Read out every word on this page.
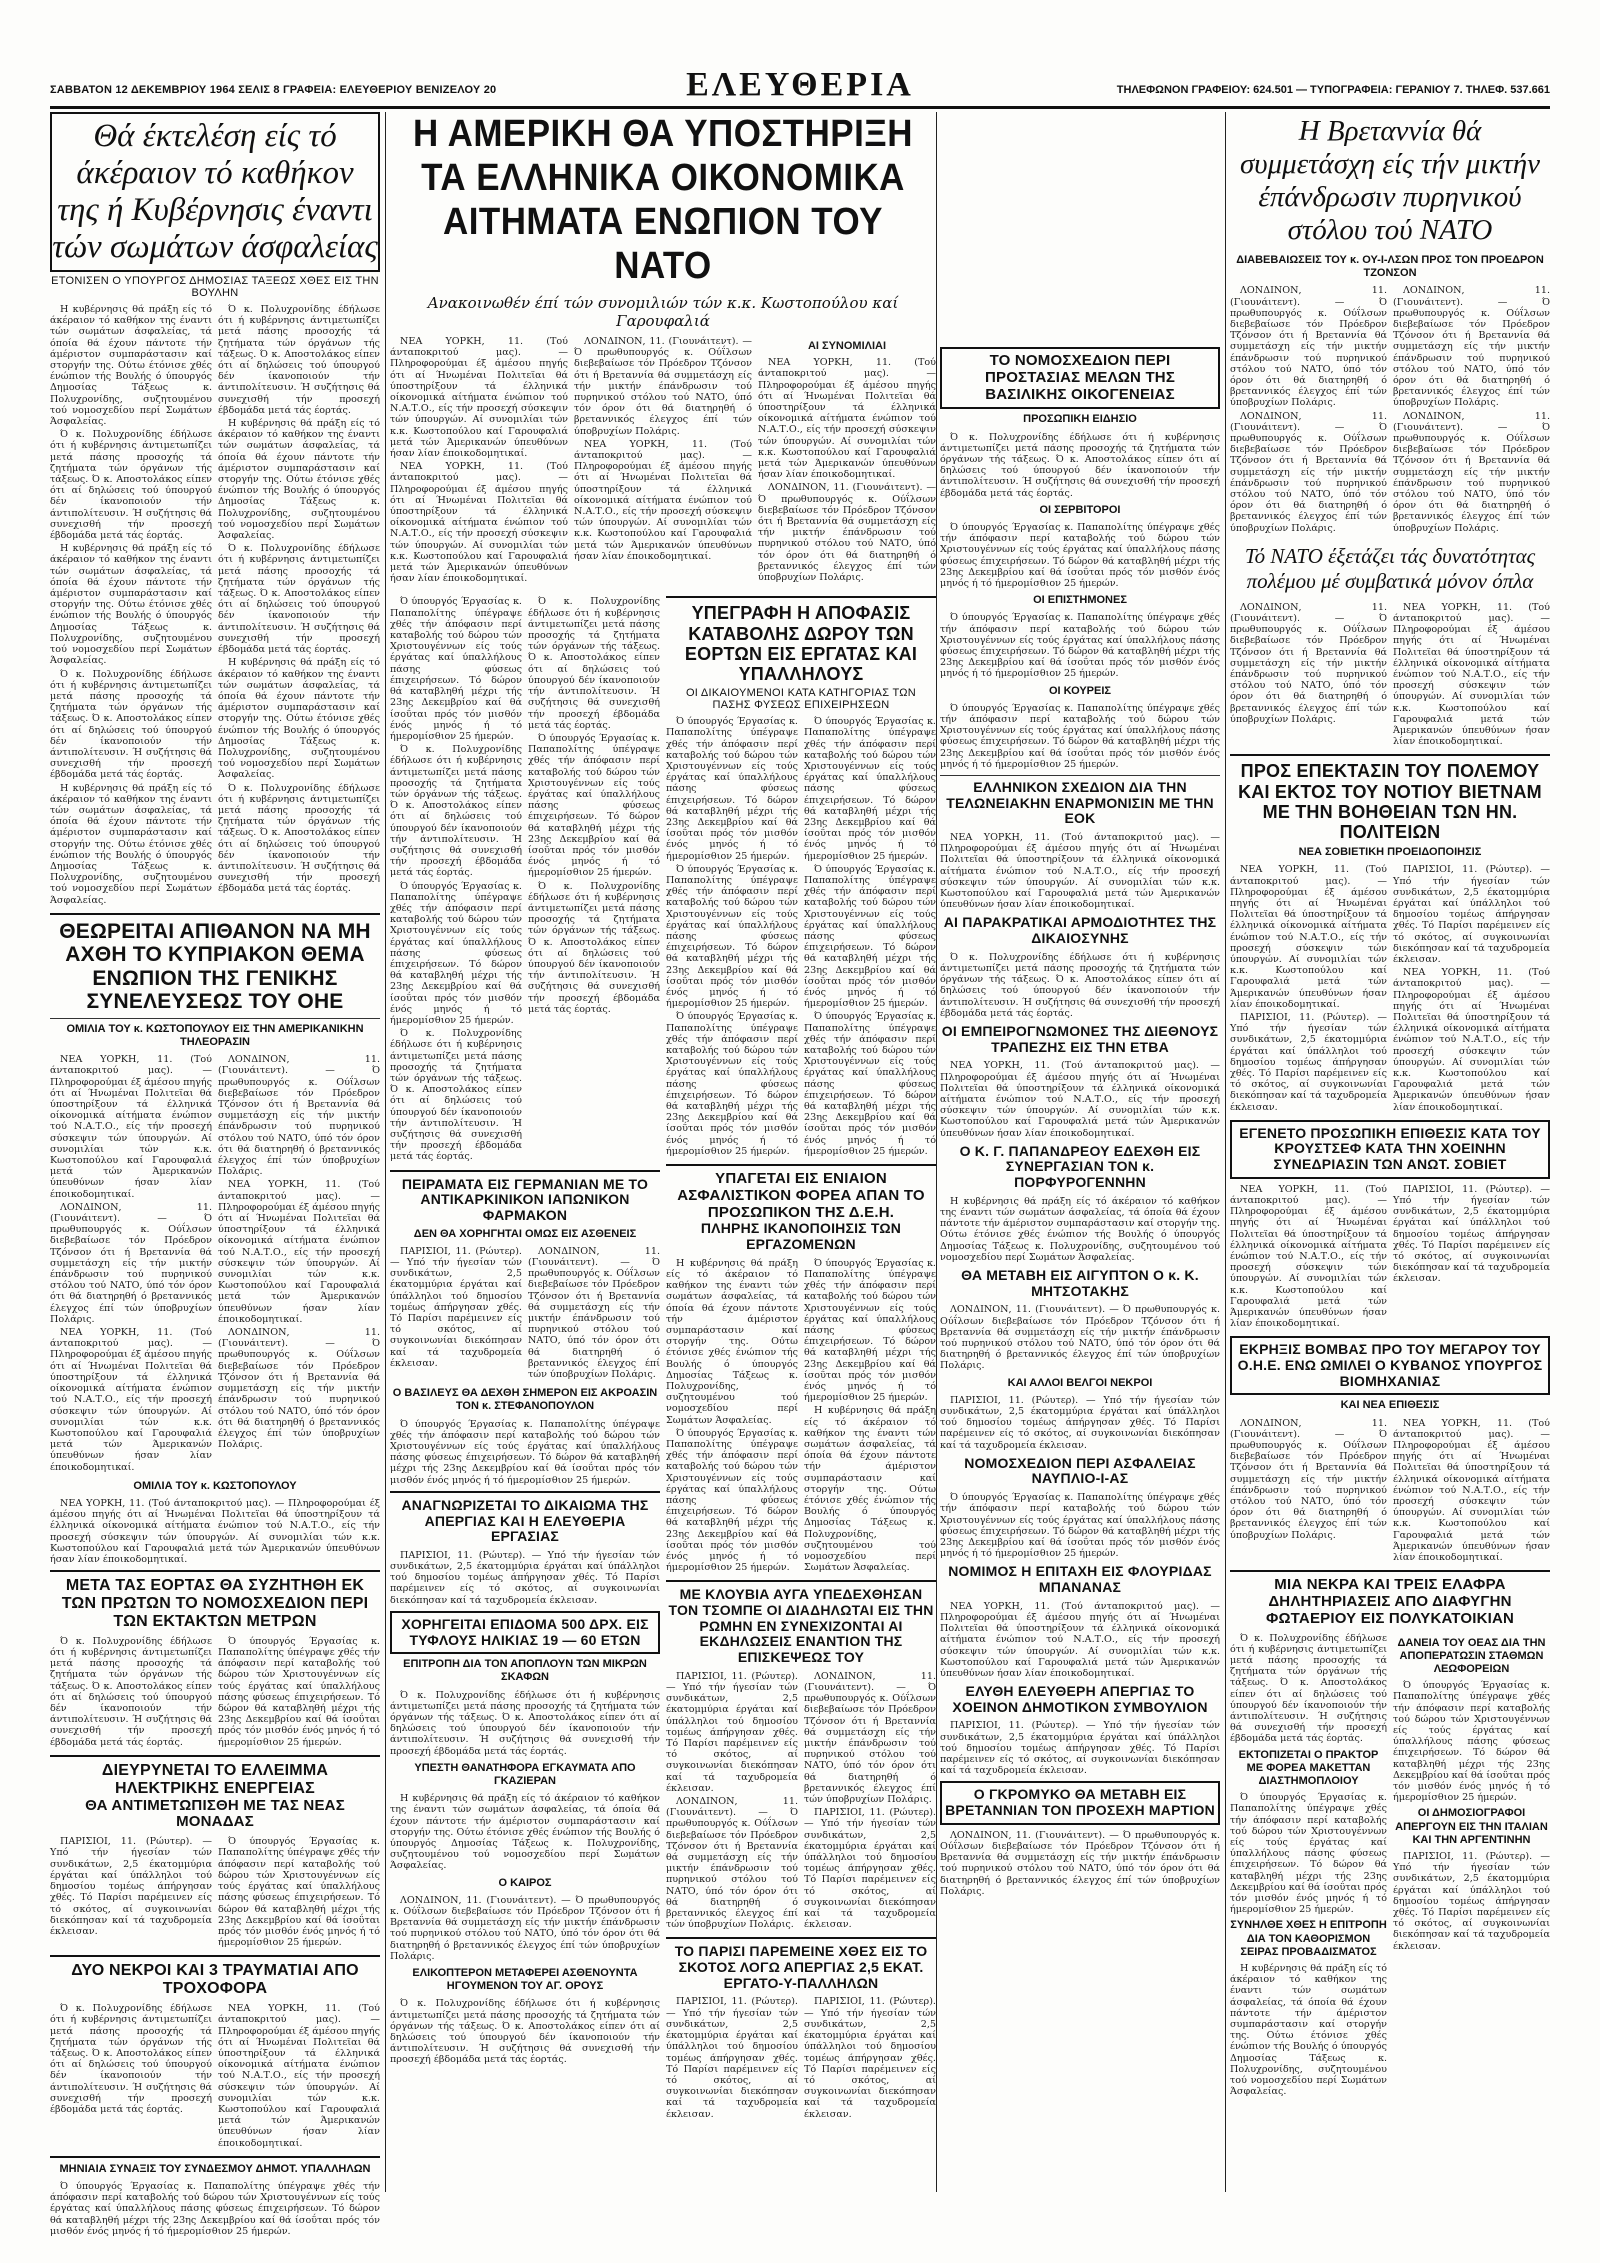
ΣΑΒΒΑΤΟΝ 12 ΔΕΚΕΜΒΡΙΟΥ 1964 ΣΕΛΙΣ 8 ΓΡΑΦΕΙΑ: ΕΛΕΥΘΕΡΙΟΥ ΒΕΝΙΖΕΛΟΥ 20	ΕΛΕΥΘΕΡΙΑ	ΤΗΛΕΦΩΝΟΝ ΓΡΑΦΕΙΟΥ: 624.501 — ΤΥΠΟΓΡΑΦΕΙΑ: ΓΕΡΑΝΙΟΥ 7. ΤΗΛΕΦ. 537.661
Θά έκτελέση είς τό άκέραιον τό καθήκον της ή Κυβέρνησις έναντι τών σωμάτων άσφαλείας
ΕΤΟΝΙΣΕΝ Ο ΥΠΟΥΡΓΟΣ ΔΗΜΟΣΙΑΣ ΤΑΞΕΩΣ ΧΘΕΣ ΕΙΣ ΤΗΝ ΒΟΥΛΗΝ

Η κυβέρνησις θά πράξη είς τό άκέραιον τό καθήκον της έναντι τών σωμάτων άσφαλείας, τά όποία θά έχουν πάντοτε τήν άμέριστον συμπαράστασιν καί στοργήν της. Ούτω έτόνισε χθές ένώπιον τής Βουλής ό ύπουργός Δημοσίας Τάξεως κ. Πολυχρονίδης, συζητουμένου τού νομοσχεδίου περί Σωμάτων Άσφαλείας.

Ό κ. Πολυχρονίδης έδήλωσε ότι ή κυβέρνησις άντιμετωπίζει μετά πάσης προσοχής τά ζητήματα τών όργάνων τής τάξεως. Ό κ. Αποστολάκος είπεν ότι αί δηλώσεις τού ύπουργού δέν ίκανοποιούν τήν άντιπολίτευσιν. Ή συζήτησις θά συνεχισθή τήν προσεχή έβδομάδα μετά τάς έορτάς.

Η κυβέρνησις θά πράξη είς τό άκέραιον τό καθήκον της έναντι τών σωμάτων άσφαλείας, τά όποία θά έχουν πάντοτε τήν άμέριστον συμπαράστασιν καί στοργήν της. Ούτω έτόνισε χθές ένώπιον τής Βουλής ό ύπουργός Δημοσίας Τάξεως κ. Πολυχρονίδης, συζητουμένου τού νομοσχεδίου περί Σωμάτων Άσφαλείας.

Ό κ. Πολυχρονίδης έδήλωσε ότι ή κυβέρνησις άντιμετωπίζει μετά πάσης προσοχής τά ζητήματα τών όργάνων τής τάξεως. Ό κ. Αποστολάκος είπεν ότι αί δηλώσεις τού ύπουργού δέν ίκανοποιούν τήν άντιπολίτευσιν. Ή συζήτησις θά συνεχισθή τήν προσεχή έβδομάδα μετά τάς έορτάς.

Η κυβέρνησις θά πράξη είς τό άκέραιον τό καθήκον της έναντι τών σωμάτων άσφαλείας, τά όποία θά έχουν πάντοτε τήν άμέριστον συμπαράστασιν καί στοργήν της. Ούτω έτόνισε χθές ένώπιον τής Βουλής ό ύπουργός Δημοσίας Τάξεως κ. Πολυχρονίδης, συζητουμένου τού νομοσχεδίου περί Σωμάτων Άσφαλείας.

Ό κ. Πολυχρονίδης έδήλωσε ότι ή κυβέρνησις άντιμετωπίζει μετά πάσης προσοχής τά ζητήματα τών όργάνων τής τάξεως. Ό κ. Αποστολάκος είπεν ότι αί δηλώσεις τού ύπουργού δέν ίκανοποιούν τήν άντιπολίτευσιν. Ή συζήτησις θά συνεχισθή τήν προσεχή έβδομάδα μετά τάς έορτάς.

Η κυβέρνησις θά πράξη είς τό άκέραιον τό καθήκον της έναντι τών σωμάτων άσφαλείας, τά όποία θά έχουν πάντοτε τήν άμέριστον συμπαράστασιν καί στοργήν της. Ούτω έτόνισε χθές ένώπιον τής Βουλής ό ύπουργός Δημοσίας Τάξεως κ. Πολυχρονίδης, συζητουμένου τού νομοσχεδίου περί Σωμάτων Άσφαλείας.

Ό κ. Πολυχρονίδης έδήλωσε ότι ή κυβέρνησις άντιμετωπίζει μετά πάσης προσοχής τά ζητήματα τών όργάνων τής τάξεως. Ό κ. Αποστολάκος είπεν ότι αί δηλώσεις τού ύπουργού δέν ίκανοποιούν τήν άντιπολίτευσιν. Ή συζήτησις θά συνεχισθή τήν προσεχή έβδομάδα μετά τάς έορτάς.

Η κυβέρνησις θά πράξη είς τό άκέραιον τό καθήκον της έναντι τών σωμάτων άσφαλείας, τά όποία θά έχουν πάντοτε τήν άμέριστον συμπαράστασιν καί στοργήν της. Ούτω έτόνισε χθές ένώπιον τής Βουλής ό ύπουργός Δημοσίας Τάξεως κ. Πολυχρονίδης, συζητουμένου τού νομοσχεδίου περί Σωμάτων Άσφαλείας.

Ό κ. Πολυχρονίδης έδήλωσε ότι ή κυβέρνησις άντιμετωπίζει μετά πάσης προσοχής τά ζητήματα τών όργάνων τής τάξεως. Ό κ. Αποστολάκος είπεν ότι αί δηλώσεις τού ύπουργού δέν ίκανοποιούν τήν άντιπολίτευσιν. Ή συζήτησις θά συνεχισθή τήν προσεχή έβδομάδα μετά τάς έορτάς.

ΘΕΩΡΕΙΤΑΙ ΑΠΙΘΑΝΟΝ ΝΑ ΜΗ ΑΧΘΗ ΤΟ ΚΥΠΡΙΑΚΟΝ ΘΕΜΑ ΕΝΩΠΙΟΝ ΤΗΣ ΓΕΝΙΚΗΣ ΣΥΝΕΛΕΥΣΕΩΣ ΤΟΥ ΟΗΕ
ΟΜΙΛΙΑ ΤΟΥ κ. ΚΩΣΤΟΠΟΥΛΟΥ ΕΙΣ ΤΗΝ ΑΜΕΡΙΚΑΝΙΚΗΝ ΤΗΛΕΟΡΑΣΙΝ

ΝΕΑ ΥΟΡΚΗ, 11. (Τού άνταποκριτού μας). — Πληροφορούμαι έξ άμέσου πηγής ότι αί Ήνωμέναι Πολιτεϊαι θά ύποστηρίξουν τά έλληνικά οίκονομικά αίτήματα ένώπιον τού Ν.Α.Τ.Ο., είς τήν προσεχή σύσκεψιν τών ύπουργών. Αί συνομιλίαι τών κ.κ. Κωστοπούλου καί Γαρουφαλιά μετά τών Άμερικανών ύπευθύνων ήσαν λίαν έποικοδομητικαί.

ΛΟΝΔΙΝΟΝ, 11. (Γιουνάιτεντ). — Ό πρωθυπουργός κ. Ούΐλσων διεβεβαίωσε τόν Πρόεδρον Τζόνσον ότι ή Βρεταννία θά συμμετάσχη είς τήν μικτήν έπάνδρωσιν τού πυρηνικού στόλου τού ΝΑΤΟ, ύπό τόν όρον ότι θά διατηρηθή ό βρεταννικός έλεγχος έπί τών ύποβρυχίων Πολάρις.

ΝΕΑ ΥΟΡΚΗ, 11. (Τού άνταποκριτού μας). — Πληροφορούμαι έξ άμέσου πηγής ότι αί Ήνωμέναι Πολιτεϊαι θά ύποστηρίξουν τά έλληνικά οίκονομικά αίτήματα ένώπιον τού Ν.Α.Τ.Ο., είς τήν προσεχή σύσκεψιν τών ύπουργών. Αί συνομιλίαι τών κ.κ. Κωστοπούλου καί Γαρουφαλιά μετά τών Άμερικανών ύπευθύνων ήσαν λίαν έποικοδομητικαί.

ΛΟΝΔΙΝΟΝ, 11. (Γιουνάιτεντ). — Ό πρωθυπουργός κ. Ούΐλσων διεβεβαίωσε τόν Πρόεδρον Τζόνσον ότι ή Βρεταννία θά συμμετάσχη είς τήν μικτήν έπάνδρωσιν τού πυρηνικού στόλου τού ΝΑΤΟ, ύπό τόν όρον ότι θά διατηρηθή ό βρεταννικός έλεγχος έπί τών ύποβρυχίων Πολάρις.

ΝΕΑ ΥΟΡΚΗ, 11. (Τού άνταποκριτού μας). — Πληροφορούμαι έξ άμέσου πηγής ότι αί Ήνωμέναι Πολιτεϊαι θά ύποστηρίξουν τά έλληνικά οίκονομικά αίτήματα ένώπιον τού Ν.Α.Τ.Ο., είς τήν προσεχή σύσκεψιν τών ύπουργών. Αί συνομιλίαι τών κ.κ. Κωστοπούλου καί Γαρουφαλιά μετά τών Άμερικανών ύπευθύνων ήσαν λίαν έποικοδομητικαί.

ΛΟΝΔΙΝΟΝ, 11. (Γιουνάιτεντ). — Ό πρωθυπουργός κ. Ούΐλσων διεβεβαίωσε τόν Πρόεδρον Τζόνσον ότι ή Βρεταννία θά συμμετάσχη είς τήν μικτήν έπάνδρωσιν τού πυρηνικού στόλου τού ΝΑΤΟ, ύπό τόν όρον ότι θά διατηρηθή ό βρεταννικός έλεγχος έπί τών ύποβρυχίων Πολάρις.

ΟΜΙΛΙΑ ΤΟΥ κ. ΚΩΣΤΟΠΟΥΛΟΥ

ΝΕΑ ΥΟΡΚΗ, 11. (Τού άνταποκριτού μας). — Πληροφορούμαι έξ άμέσου πηγής ότι αί Ήνωμέναι Πολιτεϊαι θά ύποστηρίξουν τά έλληνικά οίκονομικά αίτήματα ένώπιον τού Ν.Α.Τ.Ο., είς τήν προσεχή σύσκεψιν τών ύπουργών. Αί συνομιλίαι τών κ.κ. Κωστοπούλου καί Γαρουφαλιά μετά τών Άμερικανών ύπευθύνων ήσαν λίαν έποικοδομητικαί.

ΜΕΤΑ ΤΑΣ ΕΟΡΤΑΣ ΘΑ ΣΥΖΗΤΗΘΗ ΕΚ ΤΩΝ ΠΡΩΤΩΝ ΤΟ ΝΟΜΟΣΧΕΔΙΟΝ ΠΕΡΙ ΤΩΝ ΕΚΤΑΚΤΩΝ ΜΕΤΡΩΝ

Ό κ. Πολυχρονίδης έδήλωσε ότι ή κυβέρνησις άντιμετωπίζει μετά πάσης προσοχής τά ζητήματα τών όργάνων τής τάξεως. Ό κ. Αποστολάκος είπεν ότι αί δηλώσεις τού ύπουργού δέν ίκανοποιούν τήν άντιπολίτευσιν. Ή συζήτησις θά συνεχισθή τήν προσεχή έβδομάδα μετά τάς έορτάς.

Ό ύπουργός Έργασίας κ. Παπαπολίτης ύπέγραψε χθές τήν άπόφασιν περί καταβολής τού δώρου τών Χριστουγέννων είς τούς έργάτας καί ύπαλλήλους πάσης φύσεως έπιχειρήσεων. Τό δώρον θά καταβληθή μέχρι τής 23ης Δεκεμβρίου καί θά ίσοΰται πρός τόν μισθόν ένός μηνός ή τό ήμερομίσθιον 25 ήμερών.

ΔΙΕΥΡΥΝΕΤΑΙ ΤΟ ΕΛΛΕΙΜΜΑ ΗΛΕΚΤΡΙΚΗΣ ΕΝΕΡΓΕΙΑΣ
ΘΑ ΑΝΤΙΜΕΤΩΠΙΣΘΗ ΜΕ ΤΑΣ ΝΕΑΣ ΜΟΝΑΔΑΣ

ΠΑΡΙΣΙΟΙ, 11. (Ρώυτερ). — Υπό τήν ήγεσίαν τών συνδικάτων, 2,5 έκατομμύρια έργάται καί ύπάλληλοι τού δημοσίου τομέως άπήργησαν χθές. Τό Παρίσι παρέμεινεν είς τό σκότος, αί συγκοινωνίαι διεκόπησαν καί τά ταχυδρομεία έκλεισαν.

Ό ύπουργός Έργασίας κ. Παπαπολίτης ύπέγραψε χθές τήν άπόφασιν περί καταβολής τού δώρου τών Χριστουγέννων είς τούς έργάτας καί ύπαλλήλους πάσης φύσεως έπιχειρήσεων. Τό δώρον θά καταβληθή μέχρι τής 23ης Δεκεμβρίου καί θά ίσοΰται πρός τόν μισθόν ένός μηνός ή τό ήμερομίσθιον 25 ήμερών.

ΔΥΟ ΝΕΚΡΟΙ ΚΑΙ 3 ΤΡΑΥΜΑΤΙΑΙ ΑΠΟ ΤΡΟΧΟΦΟΡΑ

Ό κ. Πολυχρονίδης έδήλωσε ότι ή κυβέρνησις άντιμετωπίζει μετά πάσης προσοχής τά ζητήματα τών όργάνων τής τάξεως. Ό κ. Αποστολάκος είπεν ότι αί δηλώσεις τού ύπουργού δέν ίκανοποιούν τήν άντιπολίτευσιν. Ή συζήτησις θά συνεχισθή τήν προσεχή έβδομάδα μετά τάς έορτάς.

ΝΕΑ ΥΟΡΚΗ, 11. (Τού άνταποκριτού μας). — Πληροφορούμαι έξ άμέσου πηγής ότι αί Ήνωμέναι Πολιτεϊαι θά ύποστηρίξουν τά έλληνικά οίκονομικά αίτήματα ένώπιον τού Ν.Α.Τ.Ο., είς τήν προσεχή σύσκεψιν τών ύπουργών. Αί συνομιλίαι τών κ.κ. Κωστοπούλου καί Γαρουφαλιά μετά τών Άμερικανών ύπευθύνων ήσαν λίαν έποικοδομητικαί.

ΜΗΝΙΑΙΑ ΣΥΝΑΞΙΣ ΤΟΥ ΣΥΝΔΕΣΜΟΥ ΔΗΜΟΤ. ΥΠΑΛΛΗΛΩΝ

Ό ύπουργός Έργασίας κ. Παπαπολίτης ύπέγραψε χθές τήν άπόφασιν περί καταβολής τού δώρου τών Χριστουγέννων είς τούς έργάτας καί ύπαλλήλους πάσης φύσεως έπιχειρήσεων. Τό δώρον θά καταβληθή μέχρι τής 23ης Δεκεμβρίου καί θά ίσοΰται πρός τόν μισθόν ένός μηνός ή τό ήμερομίσθιον 25 ήμερών.

Η ΑΜΕΡΙΚΗ ΘΑ ΥΠΟΣΤΗΡΙΞΗ ΤΑ ΕΛΛΗΝΙΚΑ ΟΙΚΟΝΟΜΙΚΑ ΑΙΤΗΜΑΤΑ ΕΝΩΠΙΟΝ ΤΟΥ ΝΑΤΟ
Ανακοινωθέν έπί τών συνομιλιών τών κ.κ. Κωστοπούλου καί Γαρουφαλιά

ΝΕΑ ΥΟΡΚΗ, 11. (Τού άνταποκριτού μας). — Πληροφορούμαι έξ άμέσου πηγής ότι αί Ήνωμέναι Πολιτεϊαι θά ύποστηρίξουν τά έλληνικά οίκονομικά αίτήματα ένώπιον τού Ν.Α.Τ.Ο., είς τήν προσεχή σύσκεψιν τών ύπουργών. Αί συνομιλίαι τών κ.κ. Κωστοπούλου καί Γαρουφαλιά μετά τών Άμερικανών ύπευθύνων ήσαν λίαν έποικοδομητικαί.

ΝΕΑ ΥΟΡΚΗ, 11. (Τού άνταποκριτού μας). — Πληροφορούμαι έξ άμέσου πηγής ότι αί Ήνωμέναι Πολιτεϊαι θά ύποστηρίξουν τά έλληνικά οίκονομικά αίτήματα ένώπιον τού Ν.Α.Τ.Ο., είς τήν προσεχή σύσκεψιν τών ύπουργών. Αί συνομιλίαι τών κ.κ. Κωστοπούλου καί Γαρουφαλιά μετά τών Άμερικανών ύπευθύνων ήσαν λίαν έποικοδομητικαί.

ΛΟΝΔΙΝΟΝ, 11. (Γιουνάιτεντ). — Ό πρωθυπουργός κ. Ούΐλσων διεβεβαίωσε τόν Πρόεδρον Τζόνσον ότι ή Βρεταννία θά συμμετάσχη είς τήν μικτήν έπάνδρωσιν τού πυρηνικού στόλου τού ΝΑΤΟ, ύπό τόν όρον ότι θά διατηρηθή ό βρεταννικός έλεγχος έπί τών ύποβρυχίων Πολάρις.

ΝΕΑ ΥΟΡΚΗ, 11. (Τού άνταποκριτού μας). — Πληροφορούμαι έξ άμέσου πηγής ότι αί Ήνωμέναι Πολιτεϊαι θά ύποστηρίξουν τά έλληνικά οίκονομικά αίτήματα ένώπιον τού Ν.Α.Τ.Ο., είς τήν προσεχή σύσκεψιν τών ύπουργών. Αί συνομιλίαι τών κ.κ. Κωστοπούλου καί Γαρουφαλιά μετά τών Άμερικανών ύπευθύνων ήσαν λίαν έποικοδομητικαί.

ΑΙ ΣΥΝΟΜΙΛΙΑΙ

ΝΕΑ ΥΟΡΚΗ, 11. (Τού άνταποκριτού μας). — Πληροφορούμαι έξ άμέσου πηγής ότι αί Ήνωμέναι Πολιτεϊαι θά ύποστηρίξουν τά έλληνικά οίκονομικά αίτήματα ένώπιον τού Ν.Α.Τ.Ο., είς τήν προσεχή σύσκεψιν τών ύπουργών. Αί συνομιλίαι τών κ.κ. Κωστοπούλου καί Γαρουφαλιά μετά τών Άμερικανών ύπευθύνων ήσαν λίαν έποικοδομητικαί.

ΛΟΝΔΙΝΟΝ, 11. (Γιουνάιτεντ). — Ό πρωθυπουργός κ. Ούΐλσων διεβεβαίωσε τόν Πρόεδρον Τζόνσον ότι ή Βρεταννία θά συμμετάσχη είς τήν μικτήν έπάνδρωσιν τού πυρηνικού στόλου τού ΝΑΤΟ, ύπό τόν όρον ότι θά διατηρηθή ό βρεταννικός έλεγχος έπί τών ύποβρυχίων Πολάρις.

Ό ύπουργός Έργασίας κ. Παπαπολίτης ύπέγραψε χθές τήν άπόφασιν περί καταβολής τού δώρου τών Χριστουγέννων είς τούς έργάτας καί ύπαλλήλους πάσης φύσεως έπιχειρήσεων. Τό δώρον θά καταβληθή μέχρι τής 23ης Δεκεμβρίου καί θά ίσοΰται πρός τόν μισθόν ένός μηνός ή τό ήμερομίσθιον 25 ήμερών.

Ό κ. Πολυχρονίδης έδήλωσε ότι ή κυβέρνησις άντιμετωπίζει μετά πάσης προσοχής τά ζητήματα τών όργάνων τής τάξεως. Ό κ. Αποστολάκος είπεν ότι αί δηλώσεις τού ύπουργού δέν ίκανοποιούν τήν άντιπολίτευσιν. Ή συζήτησις θά συνεχισθή τήν προσεχή έβδομάδα μετά τάς έορτάς.

Ό ύπουργός Έργασίας κ. Παπαπολίτης ύπέγραψε χθές τήν άπόφασιν περί καταβολής τού δώρου τών Χριστουγέννων είς τούς έργάτας καί ύπαλλήλους πάσης φύσεως έπιχειρήσεων. Τό δώρον θά καταβληθή μέχρι τής 23ης Δεκεμβρίου καί θά ίσοΰται πρός τόν μισθόν ένός μηνός ή τό ήμερομίσθιον 25 ήμερών.

Ό κ. Πολυχρονίδης έδήλωσε ότι ή κυβέρνησις άντιμετωπίζει μετά πάσης προσοχής τά ζητήματα τών όργάνων τής τάξεως. Ό κ. Αποστολάκος είπεν ότι αί δηλώσεις τού ύπουργού δέν ίκανοποιούν τήν άντιπολίτευσιν. Ή συζήτησις θά συνεχισθή τήν προσεχή έβδομάδα μετά τάς έορτάς.

Ό κ. Πολυχρονίδης έδήλωσε ότι ή κυβέρνησις άντιμετωπίζει μετά πάσης προσοχής τά ζητήματα τών όργάνων τής τάξεως. Ό κ. Αποστολάκος είπεν ότι αί δηλώσεις τού ύπουργού δέν ίκανοποιούν τήν άντιπολίτευσιν. Ή συζήτησις θά συνεχισθή τήν προσεχή έβδομάδα μετά τάς έορτάς.

Ό ύπουργός Έργασίας κ. Παπαπολίτης ύπέγραψε χθές τήν άπόφασιν περί καταβολής τού δώρου τών Χριστουγέννων είς τούς έργάτας καί ύπαλλήλους πάσης φύσεως έπιχειρήσεων. Τό δώρον θά καταβληθή μέχρι τής 23ης Δεκεμβρίου καί θά ίσοΰται πρός τόν μισθόν ένός μηνός ή τό ήμερομίσθιον 25 ήμερών.

Ό κ. Πολυχρονίδης έδήλωσε ότι ή κυβέρνησις άντιμετωπίζει μετά πάσης προσοχής τά ζητήματα τών όργάνων τής τάξεως. Ό κ. Αποστολάκος είπεν ότι αί δηλώσεις τού ύπουργού δέν ίκανοποιούν τήν άντιπολίτευσιν. Ή συζήτησις θά συνεχισθή τήν προσεχή έβδομάδα μετά τάς έορτάς.

ΠΕΙΡΑΜΑΤΑ ΕΙΣ ΓΕΡΜΑΝΙΑΝ ΜΕ ΤΟ ΑΝΤΙΚΑΡΚΙΝΙΚΟΝ ΙΑΠΩΝΙΚΟΝ ΦΑΡΜΑΚΟΝ
ΔΕΝ ΘΑ ΧΟΡΗΓΗΤΑΙ ΟΜΩΣ ΕΙΣ ΑΣΘΕΝΕΙΣ

ΠΑΡΙΣΙΟΙ, 11. (Ρώυτερ). — Υπό τήν ήγεσίαν τών συνδικάτων, 2,5 έκατομμύρια έργάται καί ύπάλληλοι τού δημοσίου τομέως άπήργησαν χθές. Τό Παρίσι παρέμεινεν είς τό σκότος, αί συγκοινωνίαι διεκόπησαν καί τά ταχυδρομεία έκλεισαν.

ΛΟΝΔΙΝΟΝ, 11. (Γιουνάιτεντ). — Ό πρωθυπουργός κ. Ούΐλσων διεβεβαίωσε τόν Πρόεδρον Τζόνσον ότι ή Βρεταννία θά συμμετάσχη είς τήν μικτήν έπάνδρωσιν τού πυρηνικού στόλου τού ΝΑΤΟ, ύπό τόν όρον ότι θά διατηρηθή ό βρεταννικός έλεγχος έπί τών ύποβρυχίων Πολάρις.

Ο ΒΑΣΙΛΕΥΣ ΘΑ ΔΕΧΘΗ ΣΗΜΕΡΟΝ ΕΙΣ ΑΚΡΟΑΣΙΝ ΤΟΝ κ. ΣΤΕΦΑΝΟΠΟΥΛΟΝ

Ό ύπουργός Έργασίας κ. Παπαπολίτης ύπέγραψε χθές τήν άπόφασιν περί καταβολής τού δώρου τών Χριστουγέννων είς τούς έργάτας καί ύπαλλήλους πάσης φύσεως έπιχειρήσεων. Τό δώρον θά καταβληθή μέχρι τής 23ης Δεκεμβρίου καί θά ίσοΰται πρός τόν μισθόν ένός μηνός ή τό ήμερομίσθιον 25 ήμερών.

ΑΝΑΓΝΩΡΙΖΕΤΑΙ ΤΟ ΔΙΚΑΙΩΜΑ ΤΗΣ ΑΠΕΡΓΙΑΣ ΚΑΙ Η ΕΛΕΥΘΕΡΙΑ ΕΡΓΑΣΙΑΣ

ΠΑΡΙΣΙΟΙ, 11. (Ρώυτερ). — Υπό τήν ήγεσίαν τών συνδικάτων, 2,5 έκατομμύρια έργάται καί ύπάλληλοι τού δημοσίου τομέως άπήργησαν χθές. Τό Παρίσι παρέμεινεν είς τό σκότος, αί συγκοινωνίαι διεκόπησαν καί τά ταχυδρομεία έκλεισαν.

ΧΟΡΗΓΕΙΤΑΙ ΕΠΙΔΟΜΑ 500 ΔΡΧ. ΕΙΣ ΤΥΦΛΟΥΣ ΗΛΙΚΙΑΣ 19 — 60 ΕΤΩΝ
ΕΠΙΤΡΟΠΗ ΔΙΑ ΤΟΝ ΑΠΟΠΛΟΥΝ ΤΩΝ ΜΙΚΡΩΝ ΣΚΑΦΩΝ

Ό κ. Πολυχρονίδης έδήλωσε ότι ή κυβέρνησις άντιμετωπίζει μετά πάσης προσοχής τά ζητήματα τών όργάνων τής τάξεως. Ό κ. Αποστολάκος είπεν ότι αί δηλώσεις τού ύπουργού δέν ίκανοποιούν τήν άντιπολίτευσιν. Ή συζήτησις θά συνεχισθή τήν προσεχή έβδομάδα μετά τάς έορτάς.

ΥΠΕΣΤΗ ΘΑΝΑΤΗΦΟΡΑ ΕΓΚΑΥΜΑΤΑ ΑΠΟ ΓΚΑΖΙΕΡΑΝ

Η κυβέρνησις θά πράξη είς τό άκέραιον τό καθήκον της έναντι τών σωμάτων άσφαλείας, τά όποία θά έχουν πάντοτε τήν άμέριστον συμπαράστασιν καί στοργήν της. Ούτω έτόνισε χθές ένώπιον τής Βουλής ό ύπουργός Δημοσίας Τάξεως κ. Πολυχρονίδης, συζητουμένου τού νομοσχεδίου περί Σωμάτων Άσφαλείας.

Ο ΚΑΙΡΟΣ

ΛΟΝΔΙΝΟΝ, 11. (Γιουνάιτεντ). — Ό πρωθυπουργός κ. Ούΐλσων διεβεβαίωσε τόν Πρόεδρον Τζόνσον ότι ή Βρεταννία θά συμμετάσχη είς τήν μικτήν έπάνδρωσιν τού πυρηνικού στόλου τού ΝΑΤΟ, ύπό τόν όρον ότι θά διατηρηθή ό βρεταννικός έλεγχος έπί τών ύποβρυχίων Πολάρις.

ΕΛΙΚΟΠΤΕΡΟΝ ΜΕΤΑΦΕΡΕΙ ΑΣΘΕΝΟΥΝΤΑ ΗΓΟΥΜΕΝΟΝ ΤΟΥ ΑΓ. ΟΡΟΥΣ

Ό κ. Πολυχρονίδης έδήλωσε ότι ή κυβέρνησις άντιμετωπίζει μετά πάσης προσοχής τά ζητήματα τών όργάνων τής τάξεως. Ό κ. Αποστολάκος είπεν ότι αί δηλώσεις τού ύπουργού δέν ίκανοποιούν τήν άντιπολίτευσιν. Ή συζήτησις θά συνεχισθή τήν προσεχή έβδομάδα μετά τάς έορτάς.

ΥΠΕΓΡΑΦΗ Η ΑΠΟΦΑΣΙΣ ΚΑΤΑΒΟΛΗΣ ΔΩΡΟΥ ΤΩΝ ΕΟΡΤΩΝ ΕΙΣ ΕΡΓΑΤΑΣ ΚΑΙ ΥΠΑΛΛΗΛΟΥΣ
ΟΙ ΔΙΚΑΙΟΥΜΕΝΟΙ ΚΑΤΑ ΚΑΤΗΓΟΡΙΑΣ ΤΩΝ ΠΑΣΗΣ ΦΥΣΕΩΣ ΕΠΙΧΕΙΡΗΣΕΩΝ

Ό ύπουργός Έργασίας κ. Παπαπολίτης ύπέγραψε χθές τήν άπόφασιν περί καταβολής τού δώρου τών Χριστουγέννων είς τούς έργάτας καί ύπαλλήλους πάσης φύσεως έπιχειρήσεων. Τό δώρον θά καταβληθή μέχρι τής 23ης Δεκεμβρίου καί θά ίσοΰται πρός τόν μισθόν ένός μηνός ή τό ήμερομίσθιον 25 ήμερών.

Ό ύπουργός Έργασίας κ. Παπαπολίτης ύπέγραψε χθές τήν άπόφασιν περί καταβολής τού δώρου τών Χριστουγέννων είς τούς έργάτας καί ύπαλλήλους πάσης φύσεως έπιχειρήσεων. Τό δώρον θά καταβληθή μέχρι τής 23ης Δεκεμβρίου καί θά ίσοΰται πρός τόν μισθόν ένός μηνός ή τό ήμερομίσθιον 25 ήμερών.

Ό ύπουργός Έργασίας κ. Παπαπολίτης ύπέγραψε χθές τήν άπόφασιν περί καταβολής τού δώρου τών Χριστουγέννων είς τούς έργάτας καί ύπαλλήλους πάσης φύσεως έπιχειρήσεων. Τό δώρον θά καταβληθή μέχρι τής 23ης Δεκεμβρίου καί θά ίσοΰται πρός τόν μισθόν ένός μηνός ή τό ήμερομίσθιον 25 ήμερών.

Ό ύπουργός Έργασίας κ. Παπαπολίτης ύπέγραψε χθές τήν άπόφασιν περί καταβολής τού δώρου τών Χριστουγέννων είς τούς έργάτας καί ύπαλλήλους πάσης φύσεως έπιχειρήσεων. Τό δώρον θά καταβληθή μέχρι τής 23ης Δεκεμβρίου καί θά ίσοΰται πρός τόν μισθόν ένός μηνός ή τό ήμερομίσθιον 25 ήμερών.

Ό ύπουργός Έργασίας κ. Παπαπολίτης ύπέγραψε χθές τήν άπόφασιν περί καταβολής τού δώρου τών Χριστουγέννων είς τούς έργάτας καί ύπαλλήλους πάσης φύσεως έπιχειρήσεων. Τό δώρον θά καταβληθή μέχρι τής 23ης Δεκεμβρίου καί θά ίσοΰται πρός τόν μισθόν ένός μηνός ή τό ήμερομίσθιον 25 ήμερών.

Ό ύπουργός Έργασίας κ. Παπαπολίτης ύπέγραψε χθές τήν άπόφασιν περί καταβολής τού δώρου τών Χριστουγέννων είς τούς έργάτας καί ύπαλλήλους πάσης φύσεως έπιχειρήσεων. Τό δώρον θά καταβληθή μέχρι τής 23ης Δεκεμβρίου καί θά ίσοΰται πρός τόν μισθόν ένός μηνός ή τό ήμερομίσθιον 25 ήμερών.

ΥΠΑΓΕΤΑΙ ΕΙΣ ΕΝΙΑΙΟΝ ΑΣΦΑΛΙΣΤΙΚΟΝ ΦΟΡΕΑ ΑΠΑΝ ΤΟ ΠΡΟΣΩΠΙΚΟΝ ΤΗΣ Δ.Ε.Η.
ΠΛΗΡΗΣ ΙΚΑΝΟΠΟΙΗΣΙΣ ΤΩΝ ΕΡΓΑΖΟΜΕΝΩΝ

Η κυβέρνησις θά πράξη είς τό άκέραιον τό καθήκον της έναντι τών σωμάτων άσφαλείας, τά όποία θά έχουν πάντοτε τήν άμέριστον συμπαράστασιν καί στοργήν της. Ούτω έτόνισε χθές ένώπιον τής Βουλής ό ύπουργός Δημοσίας Τάξεως κ. Πολυχρονίδης, συζητουμένου τού νομοσχεδίου περί Σωμάτων Άσφαλείας.

Ό ύπουργός Έργασίας κ. Παπαπολίτης ύπέγραψε χθές τήν άπόφασιν περί καταβολής τού δώρου τών Χριστουγέννων είς τούς έργάτας καί ύπαλλήλους πάσης φύσεως έπιχειρήσεων. Τό δώρον θά καταβληθή μέχρι τής 23ης Δεκεμβρίου καί θά ίσοΰται πρός τόν μισθόν ένός μηνός ή τό ήμερομίσθιον 25 ήμερών.

Ό ύπουργός Έργασίας κ. Παπαπολίτης ύπέγραψε χθές τήν άπόφασιν περί καταβολής τού δώρου τών Χριστουγέννων είς τούς έργάτας καί ύπαλλήλους πάσης φύσεως έπιχειρήσεων. Τό δώρον θά καταβληθή μέχρι τής 23ης Δεκεμβρίου καί θά ίσοΰται πρός τόν μισθόν ένός μηνός ή τό ήμερομίσθιον 25 ήμερών.

Η κυβέρνησις θά πράξη είς τό άκέραιον τό καθήκον της έναντι τών σωμάτων άσφαλείας, τά όποία θά έχουν πάντοτε τήν άμέριστον συμπαράστασιν καί στοργήν της. Ούτω έτόνισε χθές ένώπιον τής Βουλής ό ύπουργός Δημοσίας Τάξεως κ. Πολυχρονίδης, συζητουμένου τού νομοσχεδίου περί Σωμάτων Άσφαλείας.

ΜΕ ΚΛΟΥΒΙΑ ΑΥΓΑ ΥΠΕΔΕΧΘΗΣΑΝ ΤΟΝ ΤΣΟΜΠΕ ΟΙ ΔΙΑΔΗΛΩΤΑΙ ΕΙΣ ΤΗΝ ΡΩΜΗΝ ΕΝ ΣΥΝΕΧΙΖΟΝΤΑΙ ΑΙ ΕΚΔΗΛΩΣΕΙΣ ΕΝΑΝΤΙΟΝ ΤΗΣ ΕΠΙΣΚΕΨΕΩΣ ΤΟΥ

ΠΑΡΙΣΙΟΙ, 11. (Ρώυτερ). — Υπό τήν ήγεσίαν τών συνδικάτων, 2,5 έκατομμύρια έργάται καί ύπάλληλοι τού δημοσίου τομέως άπήργησαν χθές. Τό Παρίσι παρέμεινεν είς τό σκότος, αί συγκοινωνίαι διεκόπησαν καί τά ταχυδρομεία έκλεισαν.

ΛΟΝΔΙΝΟΝ, 11. (Γιουνάιτεντ). — Ό πρωθυπουργός κ. Ούΐλσων διεβεβαίωσε τόν Πρόεδρον Τζόνσον ότι ή Βρεταννία θά συμμετάσχη είς τήν μικτήν έπάνδρωσιν τού πυρηνικού στόλου τού ΝΑΤΟ, ύπό τόν όρον ότι θά διατηρηθή ό βρεταννικός έλεγχος έπί τών ύποβρυχίων Πολάρις.

ΛΟΝΔΙΝΟΝ, 11. (Γιουνάιτεντ). — Ό πρωθυπουργός κ. Ούΐλσων διεβεβαίωσε τόν Πρόεδρον Τζόνσον ότι ή Βρεταννία θά συμμετάσχη είς τήν μικτήν έπάνδρωσιν τού πυρηνικού στόλου τού ΝΑΤΟ, ύπό τόν όρον ότι θά διατηρηθή ό βρεταννικός έλεγχος έπί τών ύποβρυχίων Πολάρις.

ΠΑΡΙΣΙΟΙ, 11. (Ρώυτερ). — Υπό τήν ήγεσίαν τών συνδικάτων, 2,5 έκατομμύρια έργάται καί ύπάλληλοι τού δημοσίου τομέως άπήργησαν χθές. Τό Παρίσι παρέμεινεν είς τό σκότος, αί συγκοινωνίαι διεκόπησαν καί τά ταχυδρομεία έκλεισαν.

ΤΟ ΠΑΡΙΣΙ ΠΑΡΕΜΕΙΝΕ ΧΘΕΣ ΕΙΣ ΤΟ ΣΚΟΤΟΣ ΛΟΓΩ ΑΠΕΡΓΙΑΣ 2,5 ΕΚΑΤ. ΕΡΓΑΤΟ-Υ-ΠΑΛΛΗΛΩΝ

ΠΑΡΙΣΙΟΙ, 11. (Ρώυτερ). — Υπό τήν ήγεσίαν τών συνδικάτων, 2,5 έκατομμύρια έργάται καί ύπάλληλοι τού δημοσίου τομέως άπήργησαν χθές. Τό Παρίσι παρέμεινεν είς τό σκότος, αί συγκοινωνίαι διεκόπησαν καί τά ταχυδρομεία έκλεισαν.

ΠΑΡΙΣΙΟΙ, 11. (Ρώυτερ). — Υπό τήν ήγεσίαν τών συνδικάτων, 2,5 έκατομμύρια έργάται καί ύπάλληλοι τού δημοσίου τομέως άπήργησαν χθές. Τό Παρίσι παρέμεινεν είς τό σκότος, αί συγκοινωνίαι διεκόπησαν καί τά ταχυδρομεία έκλεισαν.

ΤΟ ΝΟΜΟΣΧΕΔΙΟΝ ΠΕΡΙ ΠΡΟΣΤΑΣΙΑΣ ΜΕΛΩΝ ΤΗΣ ΒΑΣΙΛΙΚΗΣ ΟΙΚΟΓΕΝΕΙΑΣ
ΠΡΟΣΩΠΙΚΗ ΕΙΔΗΣΙΟ

Ό κ. Πολυχρονίδης έδήλωσε ότι ή κυβέρνησις άντιμετωπίζει μετά πάσης προσοχής τά ζητήματα τών όργάνων τής τάξεως. Ό κ. Αποστολάκος είπεν ότι αί δηλώσεις τού ύπουργού δέν ίκανοποιούν τήν άντιπολίτευσιν. Ή συζήτησις θά συνεχισθή τήν προσεχή έβδομάδα μετά τάς έορτάς.

ΟΙ ΣΕΡΒΙΤΟΡΟΙ

Ό ύπουργός Έργασίας κ. Παπαπολίτης ύπέγραψε χθές τήν άπόφασιν περί καταβολής τού δώρου τών Χριστουγέννων είς τούς έργάτας καί ύπαλλήλους πάσης φύσεως έπιχειρήσεων. Τό δώρον θά καταβληθή μέχρι τής 23ης Δεκεμβρίου καί θά ίσοΰται πρός τόν μισθόν ένός μηνός ή τό ήμερομίσθιον 25 ήμερών.

ΟΙ ΕΠΙΣΤΗΜΟΝΕΣ

Ό ύπουργός Έργασίας κ. Παπαπολίτης ύπέγραψε χθές τήν άπόφασιν περί καταβολής τού δώρου τών Χριστουγέννων είς τούς έργάτας καί ύπαλλήλους πάσης φύσεως έπιχειρήσεων. Τό δώρον θά καταβληθή μέχρι τής 23ης Δεκεμβρίου καί θά ίσοΰται πρός τόν μισθόν ένός μηνός ή τό ήμερομίσθιον 25 ήμερών.

ΟΙ ΚΟΥΡΕΙΣ

Ό ύπουργός Έργασίας κ. Παπαπολίτης ύπέγραψε χθές τήν άπόφασιν περί καταβολής τού δώρου τών Χριστουγέννων είς τούς έργάτας καί ύπαλλήλους πάσης φύσεως έπιχειρήσεων. Τό δώρον θά καταβληθή μέχρι τής 23ης Δεκεμβρίου καί θά ίσοΰται πρός τόν μισθόν ένός μηνός ή τό ήμερομίσθιον 25 ήμερών.

ΕΛΛΗΝΙΚΟΝ ΣΧΕΔΙΟΝ ΔΙΑ ΤΗΝ ΤΕΛΩΝΕΙΑΚΗΝ ΕΝΑΡΜΟΝΙΣΙΝ ΜΕ ΤΗΝ ΕΟΚ

ΝΕΑ ΥΟΡΚΗ, 11. (Τού άνταποκριτού μας). — Πληροφορούμαι έξ άμέσου πηγής ότι αί Ήνωμέναι Πολιτεϊαι θά ύποστηρίξουν τά έλληνικά οίκονομικά αίτήματα ένώπιον τού Ν.Α.Τ.Ο., είς τήν προσεχή σύσκεψιν τών ύπουργών. Αί συνομιλίαι τών κ.κ. Κωστοπούλου καί Γαρουφαλιά μετά τών Άμερικανών ύπευθύνων ήσαν λίαν έποικοδομητικαί.

ΑΙ ΠΑΡΑΚΡΑΤΙΚΑΙ ΑΡΜΟΔΙΟΤΗΤΕΣ ΤΗΣ ΔΙΚΑΙΟΣΥΝΗΣ

Ό κ. Πολυχρονίδης έδήλωσε ότι ή κυβέρνησις άντιμετωπίζει μετά πάσης προσοχής τά ζητήματα τών όργάνων τής τάξεως. Ό κ. Αποστολάκος είπεν ότι αί δηλώσεις τού ύπουργού δέν ίκανοποιούν τήν άντιπολίτευσιν. Ή συζήτησις θά συνεχισθή τήν προσεχή έβδομάδα μετά τάς έορτάς.

ΟΙ ΕΜΠΕΙΡΟΓΝΩΜΟΝΕΣ ΤΗΣ ΔΙΕΘΝΟΥΣ ΤΡΑΠΕΖΗΣ ΕΙΣ ΤΗΝ ΕΤΒΑ

ΝΕΑ ΥΟΡΚΗ, 11. (Τού άνταποκριτού μας). — Πληροφορούμαι έξ άμέσου πηγής ότι αί Ήνωμέναι Πολιτεϊαι θά ύποστηρίξουν τά έλληνικά οίκονομικά αίτήματα ένώπιον τού Ν.Α.Τ.Ο., είς τήν προσεχή σύσκεψιν τών ύπουργών. Αί συνομιλίαι τών κ.κ. Κωστοπούλου καί Γαρουφαλιά μετά τών Άμερικανών ύπευθύνων ήσαν λίαν έποικοδομητικαί.

Ο Κ. Γ. ΠΑΠΑΝΔΡΕΟΥ ΕΔΕΧΘΗ ΕΙΣ ΣΥΝΕΡΓΑΣΙΑΝ ΤΟΝ κ. ΠΟΡΦΥΡΟΓΕΝΝΗΝ

Η κυβέρνησις θά πράξη είς τό άκέραιον τό καθήκον της έναντι τών σωμάτων άσφαλείας, τά όποία θά έχουν πάντοτε τήν άμέριστον συμπαράστασιν καί στοργήν της. Ούτω έτόνισε χθές ένώπιον τής Βουλής ό ύπουργός Δημοσίας Τάξεως κ. Πολυχρονίδης, συζητουμένου τού νομοσχεδίου περί Σωμάτων Άσφαλείας.

ΘΑ ΜΕΤΑΒΗ ΕΙΣ ΑΙΓΥΠΤΟΝ Ο κ. Κ. ΜΗΤΣΟΤΑΚΗΣ

ΛΟΝΔΙΝΟΝ, 11. (Γιουνάιτεντ). — Ό πρωθυπουργός κ. Ούΐλσων διεβεβαίωσε τόν Πρόεδρον Τζόνσον ότι ή Βρεταννία θά συμμετάσχη είς τήν μικτήν έπάνδρωσιν τού πυρηνικού στόλου τού ΝΑΤΟ, ύπό τόν όρον ότι θά διατηρηθή ό βρεταννικός έλεγχος έπί τών ύποβρυχίων Πολάρις.

ΚΑΙ ΑΛΛΟΙ ΒΕΛΓΟΙ ΝΕΚΡΟΙ

ΠΑΡΙΣΙΟΙ, 11. (Ρώυτερ). — Υπό τήν ήγεσίαν τών συνδικάτων, 2,5 έκατομμύρια έργάται καί ύπάλληλοι τού δημοσίου τομέως άπήργησαν χθές. Τό Παρίσι παρέμεινεν είς τό σκότος, αί συγκοινωνίαι διεκόπησαν καί τά ταχυδρομεία έκλεισαν.

ΝΟΜΟΣΧΕΔΙΟΝ ΠΕΡΙ ΑΣΦΑΛΕΙΑΣ ΝΑΥΠΛΙΟ-Ι-ΑΣ

Ό ύπουργός Έργασίας κ. Παπαπολίτης ύπέγραψε χθές τήν άπόφασιν περί καταβολής τού δώρου τών Χριστουγέννων είς τούς έργάτας καί ύπαλλήλους πάσης φύσεως έπιχειρήσεων. Τό δώρον θά καταβληθή μέχρι τής 23ης Δεκεμβρίου καί θά ίσοΰται πρός τόν μισθόν ένός μηνός ή τό ήμερομίσθιον 25 ήμερών.

ΝΟΜΙΜΟΣ Η ΕΠΙΤΑΧΗ ΕΙΣ ΦΛΟΥΡΙΔΑΣ ΜΠΑΝΑΝΑΣ

ΝΕΑ ΥΟΡΚΗ, 11. (Τού άνταποκριτού μας). — Πληροφορούμαι έξ άμέσου πηγής ότι αί Ήνωμέναι Πολιτεϊαι θά ύποστηρίξουν τά έλληνικά οίκονομικά αίτήματα ένώπιον τού Ν.Α.Τ.Ο., είς τήν προσεχή σύσκεψιν τών ύπουργών. Αί συνομιλίαι τών κ.κ. Κωστοπούλου καί Γαρουφαλιά μετά τών Άμερικανών ύπευθύνων ήσαν λίαν έποικοδομητικαί.

ΕΛΥΘΗ ΕΛΕΥΘΕΡΗ ΑΠΕΡΓΙΑΣ ΤΟ ΧΟΕΙΝΟΝ ΔΗΜΟΤΙΚΟΝ ΣΥΜΒΟΥΛΙΟΝ

ΠΑΡΙΣΙΟΙ, 11. (Ρώυτερ). — Υπό τήν ήγεσίαν τών συνδικάτων, 2,5 έκατομμύρια έργάται καί ύπάλληλοι τού δημοσίου τομέως άπήργησαν χθές. Τό Παρίσι παρέμεινεν είς τό σκότος, αί συγκοινωνίαι διεκόπησαν καί τά ταχυδρομεία έκλεισαν.

Ο ΓΚΡΟΜΥΚΟ ΘΑ ΜΕΤΑΒΗ ΕΙΣ ΒΡΕΤΑΝΝΙΑΝ ΤΟΝ ΠΡΟΣΕΧΗ ΜΑΡΤΙΟΝ

ΛΟΝΔΙΝΟΝ, 11. (Γιουνάιτεντ). — Ό πρωθυπουργός κ. Ούΐλσων διεβεβαίωσε τόν Πρόεδρον Τζόνσον ότι ή Βρεταννία θά συμμετάσχη είς τήν μικτήν έπάνδρωσιν τού πυρηνικού στόλου τού ΝΑΤΟ, ύπό τόν όρον ότι θά διατηρηθή ό βρεταννικός έλεγχος έπί τών ύποβρυχίων Πολάρις.

Η Βρεταννία θά συμμετάσχη είς τήν μικτήν έπάνδρωσιν πυρηνικού στόλου τού ΝΑΤΟ
ΔΙΑΒΕΒΑΙΩΣΕΙΣ ΤΟΥ κ. ΟΥ-Ι-ΛΣΩΝ ΠΡΟΣ ΤΟΝ ΠΡΟΕΔΡΟΝ ΤΖΟΝΣΟΝ

ΛΟΝΔΙΝΟΝ, 11. (Γιουνάιτεντ). — Ό πρωθυπουργός κ. Ούΐλσων διεβεβαίωσε τόν Πρόεδρον Τζόνσον ότι ή Βρεταννία θά συμμετάσχη είς τήν μικτήν έπάνδρωσιν τού πυρηνικού στόλου τού ΝΑΤΟ, ύπό τόν όρον ότι θά διατηρηθή ό βρεταννικός έλεγχος έπί τών ύποβρυχίων Πολάρις.

ΛΟΝΔΙΝΟΝ, 11. (Γιουνάιτεντ). — Ό πρωθυπουργός κ. Ούΐλσων διεβεβαίωσε τόν Πρόεδρον Τζόνσον ότι ή Βρεταννία θά συμμετάσχη είς τήν μικτήν έπάνδρωσιν τού πυρηνικού στόλου τού ΝΑΤΟ, ύπό τόν όρον ότι θά διατηρηθή ό βρεταννικός έλεγχος έπί τών ύποβρυχίων Πολάρις.

ΛΟΝΔΙΝΟΝ, 11. (Γιουνάιτεντ). — Ό πρωθυπουργός κ. Ούΐλσων διεβεβαίωσε τόν Πρόεδρον Τζόνσον ότι ή Βρεταννία θά συμμετάσχη είς τήν μικτήν έπάνδρωσιν τού πυρηνικού στόλου τού ΝΑΤΟ, ύπό τόν όρον ότι θά διατηρηθή ό βρεταννικός έλεγχος έπί τών ύποβρυχίων Πολάρις.

ΛΟΝΔΙΝΟΝ, 11. (Γιουνάιτεντ). — Ό πρωθυπουργός κ. Ούΐλσων διεβεβαίωσε τόν Πρόεδρον Τζόνσον ότι ή Βρεταννία θά συμμετάσχη είς τήν μικτήν έπάνδρωσιν τού πυρηνικού στόλου τού ΝΑΤΟ, ύπό τόν όρον ότι θά διατηρηθή ό βρεταννικός έλεγχος έπί τών ύποβρυχίων Πολάρις.

Τό ΝΑΤΟ έξετάζει τάς δυνατότητας πολέμου μέ συμβατικά μόνον όπλα

ΛΟΝΔΙΝΟΝ, 11. (Γιουνάιτεντ). — Ό πρωθυπουργός κ. Ούΐλσων διεβεβαίωσε τόν Πρόεδρον Τζόνσον ότι ή Βρεταννία θά συμμετάσχη είς τήν μικτήν έπάνδρωσιν τού πυρηνικού στόλου τού ΝΑΤΟ, ύπό τόν όρον ότι θά διατηρηθή ό βρεταννικός έλεγχος έπί τών ύποβρυχίων Πολάρις.

ΝΕΑ ΥΟΡΚΗ, 11. (Τού άνταποκριτού μας). — Πληροφορούμαι έξ άμέσου πηγής ότι αί Ήνωμέναι Πολιτεϊαι θά ύποστηρίξουν τά έλληνικά οίκονομικά αίτήματα ένώπιον τού Ν.Α.Τ.Ο., είς τήν προσεχή σύσκεψιν τών ύπουργών. Αί συνομιλίαι τών κ.κ. Κωστοπούλου καί Γαρουφαλιά μετά τών Άμερικανών ύπευθύνων ήσαν λίαν έποικοδομητικαί.

ΠΡΟΣ ΕΠΕΚΤΑΣΙΝ ΤΟΥ ΠΟΛΕΜΟΥ ΚΑΙ ΕΚΤΟΣ ΤΟΥ ΝΟΤΙΟΥ ΒΙΕΤΝΑΜ ΜΕ ΤΗΝ ΒΟΗΘΕΙΑΝ ΤΩΝ ΗΝ. ΠΟΛΙΤΕΙΩΝ
ΝΕΑ ΣΟΒΙΕΤΙΚΗ ΠΡΟΕΙΔΟΠΟΙΗΣΙΣ

ΝΕΑ ΥΟΡΚΗ, 11. (Τού άνταποκριτού μας). — Πληροφορούμαι έξ άμέσου πηγής ότι αί Ήνωμέναι Πολιτεϊαι θά ύποστηρίξουν τά έλληνικά οίκονομικά αίτήματα ένώπιον τού Ν.Α.Τ.Ο., είς τήν προσεχή σύσκεψιν τών ύπουργών. Αί συνομιλίαι τών κ.κ. Κωστοπούλου καί Γαρουφαλιά μετά τών Άμερικανών ύπευθύνων ήσαν λίαν έποικοδομητικαί.

ΠΑΡΙΣΙΟΙ, 11. (Ρώυτερ). — Υπό τήν ήγεσίαν τών συνδικάτων, 2,5 έκατομμύρια έργάται καί ύπάλληλοι τού δημοσίου τομέως άπήργησαν χθές. Τό Παρίσι παρέμεινεν είς τό σκότος, αί συγκοινωνίαι διεκόπησαν καί τά ταχυδρομεία έκλεισαν.

ΠΑΡΙΣΙΟΙ, 11. (Ρώυτερ). — Υπό τήν ήγεσίαν τών συνδικάτων, 2,5 έκατομμύρια έργάται καί ύπάλληλοι τού δημοσίου τομέως άπήργησαν χθές. Τό Παρίσι παρέμεινεν είς τό σκότος, αί συγκοινωνίαι διεκόπησαν καί τά ταχυδρομεία έκλεισαν.

ΝΕΑ ΥΟΡΚΗ, 11. (Τού άνταποκριτού μας). — Πληροφορούμαι έξ άμέσου πηγής ότι αί Ήνωμέναι Πολιτεϊαι θά ύποστηρίξουν τά έλληνικά οίκονομικά αίτήματα ένώπιον τού Ν.Α.Τ.Ο., είς τήν προσεχή σύσκεψιν τών ύπουργών. Αί συνομιλίαι τών κ.κ. Κωστοπούλου καί Γαρουφαλιά μετά τών Άμερικανών ύπευθύνων ήσαν λίαν έποικοδομητικαί.

ΕΓΕΝΕΤΟ ΠΡΟΣΩΠΙΚΗ ΕΠΙΘΕΣΙΣ ΚΑΤΑ ΤΟΥ ΚΡΟΥΣΤΣΕΦ ΚΑΤΑ ΤΗΝ ΧΟΕΙΝΗΝ ΣΥΝΕΔΡΙΑΣΙΝ ΤΩΝ ΑΝΩΤ. ΣΟΒΙΕΤ

ΝΕΑ ΥΟΡΚΗ, 11. (Τού άνταποκριτού μας). — Πληροφορούμαι έξ άμέσου πηγής ότι αί Ήνωμέναι Πολιτεϊαι θά ύποστηρίξουν τά έλληνικά οίκονομικά αίτήματα ένώπιον τού Ν.Α.Τ.Ο., είς τήν προσεχή σύσκεψιν τών ύπουργών. Αί συνομιλίαι τών κ.κ. Κωστοπούλου καί Γαρουφαλιά μετά τών Άμερικανών ύπευθύνων ήσαν λίαν έποικοδομητικαί.

ΠΑΡΙΣΙΟΙ, 11. (Ρώυτερ). — Υπό τήν ήγεσίαν τών συνδικάτων, 2,5 έκατομμύρια έργάται καί ύπάλληλοι τού δημοσίου τομέως άπήργησαν χθές. Τό Παρίσι παρέμεινεν είς τό σκότος, αί συγκοινωνίαι διεκόπησαν καί τά ταχυδρομεία έκλεισαν.

ΕΚΡΗΞΙΣ ΒΟΜΒΑΣ ΠΡΟ ΤΟΥ ΜΕΓΑΡΟΥ ΤΟΥ Ο.Η.Ε. ΕΝΩ ΩΜΙΛΕΙ Ο ΚΥΒΑΝΟΣ ΥΠΟΥΡΓΟΣ ΒΙΟΜΗΧΑΝΙΑΣ
ΚΑΙ ΝΕΑ ΕΠΙΘΕΣΙΣ

ΛΟΝΔΙΝΟΝ, 11. (Γιουνάιτεντ). — Ό πρωθυπουργός κ. Ούΐλσων διεβεβαίωσε τόν Πρόεδρον Τζόνσον ότι ή Βρεταννία θά συμμετάσχη είς τήν μικτήν έπάνδρωσιν τού πυρηνικού στόλου τού ΝΑΤΟ, ύπό τόν όρον ότι θά διατηρηθή ό βρεταννικός έλεγχος έπί τών ύποβρυχίων Πολάρις.

ΝΕΑ ΥΟΡΚΗ, 11. (Τού άνταποκριτού μας). — Πληροφορούμαι έξ άμέσου πηγής ότι αί Ήνωμέναι Πολιτεϊαι θά ύποστηρίξουν τά έλληνικά οίκονομικά αίτήματα ένώπιον τού Ν.Α.Τ.Ο., είς τήν προσεχή σύσκεψιν τών ύπουργών. Αί συνομιλίαι τών κ.κ. Κωστοπούλου καί Γαρουφαλιά μετά τών Άμερικανών ύπευθύνων ήσαν λίαν έποικοδομητικαί.

ΜΙΑ ΝΕΚΡΑ ΚΑΙ ΤΡΕΙΣ ΕΛΑΦΡΑ ΔΗΛΗΤΗΡΙΑΣΕΙΣ ΑΠΟ ΔΙΑΦΥΓΗΝ ΦΩΤΑΕΡΙΟΥ ΕΙΣ ΠΟΛΥΚΑΤΟΙΚΙΑΝ

Ό κ. Πολυχρονίδης έδήλωσε ότι ή κυβέρνησις άντιμετωπίζει μετά πάσης προσοχής τά ζητήματα τών όργάνων τής τάξεως. Ό κ. Αποστολάκος είπεν ότι αί δηλώσεις τού ύπουργού δέν ίκανοποιούν τήν άντιπολίτευσιν. Ή συζήτησις θά συνεχισθή τήν προσεχή έβδομάδα μετά τάς έορτάς.

ΕΚΤΟΠΙΖΕΤΑΙ Ο ΠΡΑΚΤΟΡ ΜΕ ΦΟΡΕΑ ΜΑΚΕΤΤΑΝ ΔΙΑΣΤΗΜΟΠΛΟΙΟΥ

Ό ύπουργός Έργασίας κ. Παπαπολίτης ύπέγραψε χθές τήν άπόφασιν περί καταβολής τού δώρου τών Χριστουγέννων είς τούς έργάτας καί ύπαλλήλους πάσης φύσεως έπιχειρήσεων. Τό δώρον θά καταβληθή μέχρι τής 23ης Δεκεμβρίου καί θά ίσοΰται πρός τόν μισθόν ένός μηνός ή τό ήμερομίσθιον 25 ήμερών.

ΣΥΝΗΛΘΕ ΧΘΕΣ Η ΕΠΙΤΡΟΠΗ ΔΙΑ ΤΟΝ ΚΑΘΟΡΙΣΜΟΝ ΣΕΙΡΑΣ ΠΡΟΒΑΔΙΣΜΑΤΟΣ

Η κυβέρνησις θά πράξη είς τό άκέραιον τό καθήκον της έναντι τών σωμάτων άσφαλείας, τά όποία θά έχουν πάντοτε τήν άμέριστον συμπαράστασιν καί στοργήν της. Ούτω έτόνισε χθές ένώπιον τής Βουλής ό ύπουργός Δημοσίας Τάξεως κ. Πολυχρονίδης, συζητουμένου τού νομοσχεδίου περί Σωμάτων Άσφαλείας.

ΔΑΝΕΙΑ ΤΟΥ ΟΕΑΣ ΔΙΑ ΤΗΝ ΑΠΟΠΕΡΑΤΩΣΙΝ ΣΤΑΘΜΩΝ ΛΕΩΦΟΡΕΙΩΝ

Ό ύπουργός Έργασίας κ. Παπαπολίτης ύπέγραψε χθές τήν άπόφασιν περί καταβολής τού δώρου τών Χριστουγέννων είς τούς έργάτας καί ύπαλλήλους πάσης φύσεως έπιχειρήσεων. Τό δώρον θά καταβληθή μέχρι τής 23ης Δεκεμβρίου καί θά ίσοΰται πρός τόν μισθόν ένός μηνός ή τό ήμερομίσθιον 25 ήμερών.

ΟΙ ΔΗΜΟΣΙΟΓΡΑΦΟΙ ΑΠΕΡΓΟΥΝ ΕΙΣ ΤΗΝ ΙΤΑΛΙΑΝ ΚΑΙ ΤΗΝ ΑΡΓΕΝΤΙΝΗΝ

ΠΑΡΙΣΙΟΙ, 11. (Ρώυτερ). — Υπό τήν ήγεσίαν τών συνδικάτων, 2,5 έκατομμύρια έργάται καί ύπάλληλοι τού δημοσίου τομέως άπήργησαν χθές. Τό Παρίσι παρέμεινεν είς τό σκότος, αί συγκοινωνίαι διεκόπησαν καί τά ταχυδρομεία έκλεισαν.
